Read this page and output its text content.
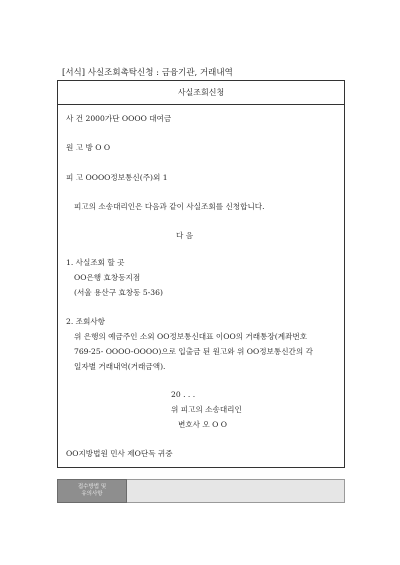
[서식] 사실조회촉탁신청 : 금융기관, 거래내역
사실조회신청
사 건 2000가단 OOOO 대여금
원 고 방 O O
피 고 OOOO정보통신(주)외 1
피고의 소송대리인은 다음과 같이 사실조회를 신청합니다.
다 음
1. 사실조회 할 곳
OO은행 효창동지점
(서울 용산구 효창동 5-36)
2. 조회사항
위 은행의 예금주인 소외 OO정보통신대표 이OO의 거래통장(계좌번호
769-25- OOOO-OOOO)으로 입출금 된 원고와 위 OO정보통신간의 각
일자별 거래내역(거래금액).
20 . . .
위 피고의 소송대리인
변호사 오 O O
OO지방법원 민사 제O단독 귀중
접수방법 및
유의사항
